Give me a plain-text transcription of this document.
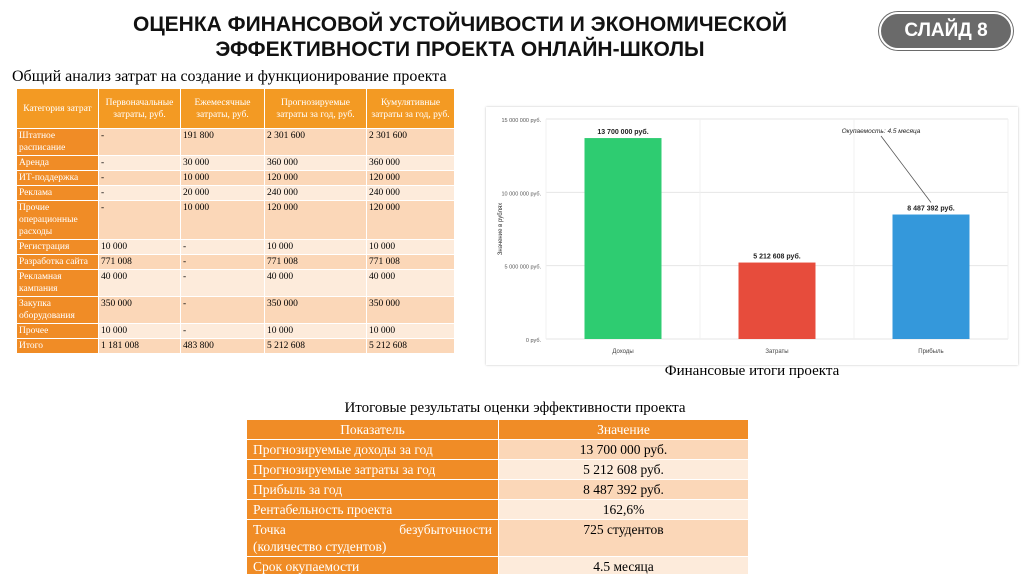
ОЦЕНКА ФИНАНСОВОЙ УСТОЙЧИВОСТИ И ЭКОНОМИЧЕСКОЙ
ЭФФЕКТИВНОСТИ ПРОЕКТА ОНЛАЙН-ШКОЛЫ
СЛАЙД 8
Общий анализ затрат на создание и функционирование проекта
Категория затрат	Первоначальные затраты, руб.	Ежемесячные затраты, руб.	Прогнозируемые затраты за год, руб.	Кумулятивные затраты за год, руб.
Штатное расписание	-	191 800	2 301 600	2 301 600
Аренда	-	30 000	360 000	360 000
ИТ-поддержка	-	10 000	120 000	120 000
Реклама	-	20 000	240 000	240 000
Прочие операционные расходы	-	10 000	120 000	120 000
Регистрация	10 000	-	10 000	10 000
Разработка сайта	771 008	-	771 008	771 008
Рекламная кампания	40 000	-	40 000	40 000
Закупка оборудования	350 000	-	350 000	350 000
Прочее	10 000	-	10 000	10 000
Итого	1 181 008	483 800	5 212 608	5 212 608	0 руб.
5 000 000 руб.
10 000 000 руб.
15 000 000 руб.
Значение в рублях
13 700 000 руб.
Доходы
5 212 608 руб.
Затраты
8 487 392 руб.
Прибыль
Окупаемость: 4.5 месяца
Финансовые итоги проекта
Итоговые результаты оценки эффективности проекта
Показатель	Значение
Прогнозируемые доходы за год	13 700 000 руб.
Прогнозируемые затраты за год	5 212 608 руб.
Прибыль за год	8 487 392 руб.
Рентабельность проекта	162,6%

Точка безубыточности
(количество студентов)	725 студентов
Срок окупаемости	4.5 месяца
